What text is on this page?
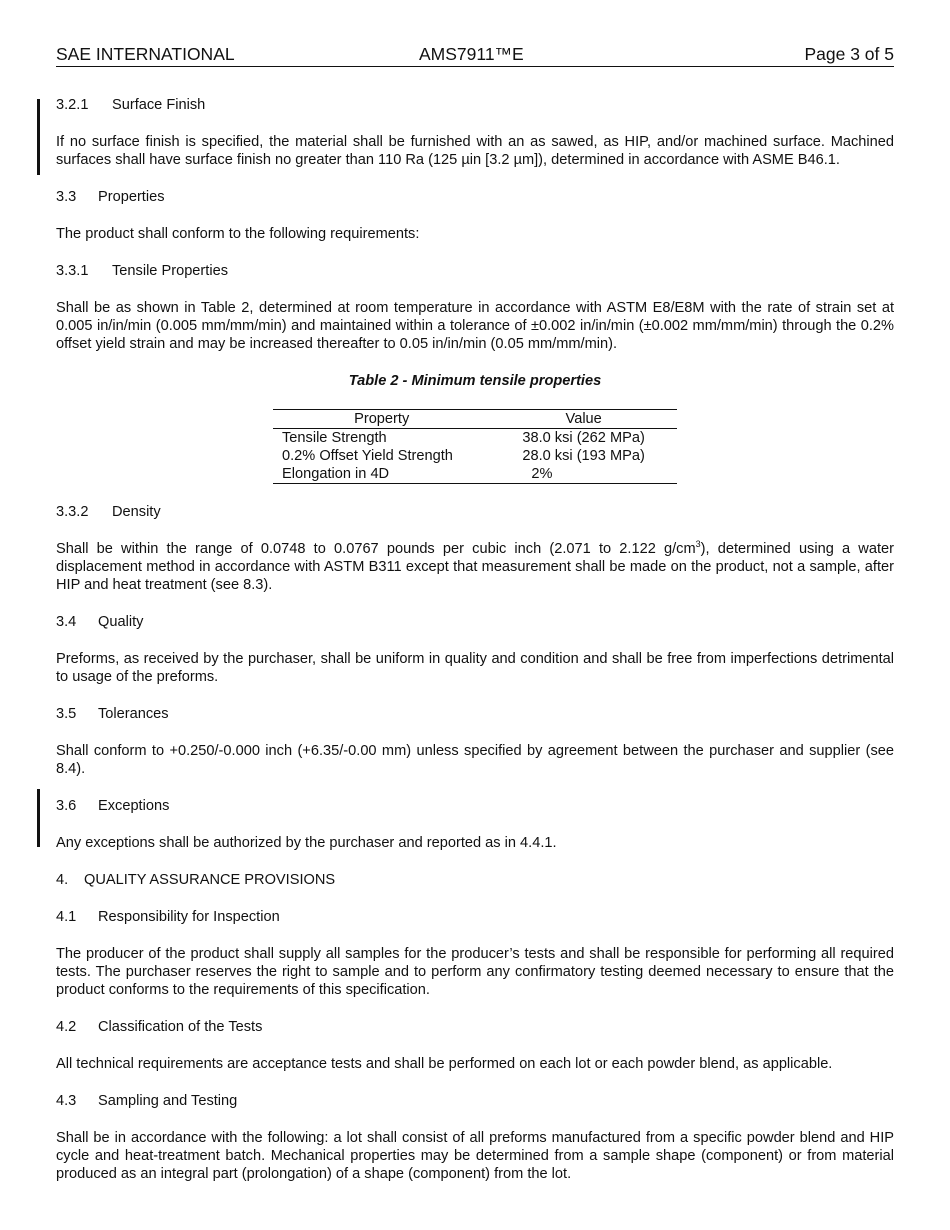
SAE INTERNATIONAL	AMS7911™E	Page 3 of 5
3.2.1 Surface Finish

If no surface finish is specified, the material shall be furnished with an as sawed, as HIP, and/or machined surface. Machined surfaces shall have surface finish no greater than 110 Ra (125 µin [3.2 µm]), determined in accordance with ASME B46.1.

3.3 Properties

The product shall conform to the following requirements:

3.3.1 Tensile Properties

Shall be as shown in Table 2, determined at room temperature in accordance with ASTM E8/E8M with the rate of strain set at 0.005 in/in/min (0.005 mm/mm/min) and maintained within a tolerance of ±0.002 in/in/min (±0.002 mm/mm/min) through the 0.2% offset yield strain and may be increased thereafter to 0.05 in/in/min (0.05 mm/mm/min).

Table 2 - Minimum tensile properties
Property	Value
Tensile Strength	38.0 ksi (262 MPa)
0.2% Offset Yield Strength	28.0 ksi (193 MPa)
Elongation in 4D	2%
3.3.2 Density

Shall be within the range of 0.0748 to 0.0767 pounds per cubic inch (2.071 to 2.122 $g/cm^3$), determined using a water displacement method in accordance with ASTM B311 except that measurement shall be made on the product, not a sample, after HIP and heat treatment (see 8.3).

3.4 Quality

Preforms, as received by the purchaser, shall be uniform in quality and condition and shall be free from imperfections detrimental to usage of the preforms.

3.5 Tolerances

Shall conform to +0.250/-0.000 inch (+6.35/-0.00 mm) unless specified by agreement between the purchaser and supplier (see 8.4).

3.6 Exceptions

Any exceptions shall be authorized by the purchaser and reported as in 4.4.1.

4. QUALITY ASSURANCE PROVISIONS
4.1 Responsibility for Inspection

The producer of the product shall supply all samples for the producer’s tests and shall be responsible for performing all required tests. The purchaser reserves the right to sample and to perform any confirmatory testing deemed necessary to ensure that the product conforms to the requirements of this specification.

4.2 Classification of the Tests

All technical requirements are acceptance tests and shall be performed on each lot or each powder blend, as applicable.

4.3 Sampling and Testing

Shall be in accordance with the following: a lot shall consist of all preforms manufactured from a specific powder blend and HIP cycle and heat-treatment batch. Mechanical properties may be determined from a sample shape (component) or from material produced as an integral part (prolongation) of a shape (component) from the lot.
